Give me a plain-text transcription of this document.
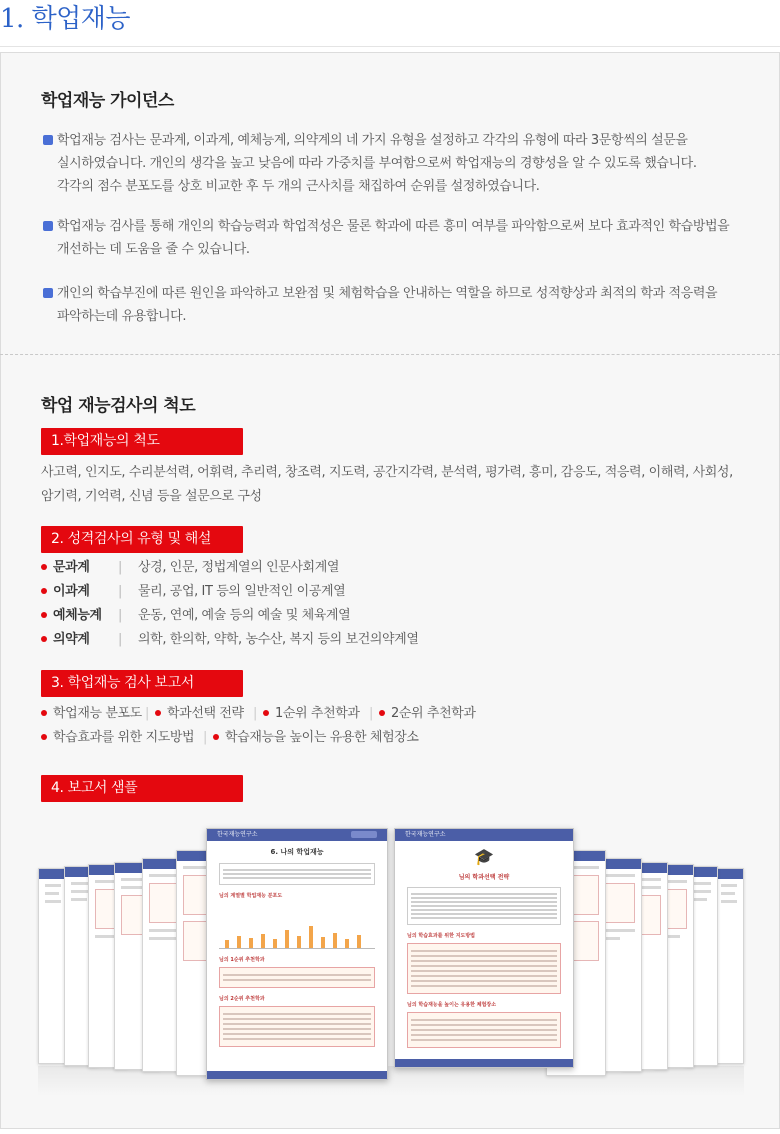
1. 학업재능
학업재능 가이던스
학업재능 검사는 문과계, 이과계, 예체능계, 의약계의 네 가지 유형을 설정하고 각각의 유형에 따라 3문항씩의 설문을
실시하였습니다. 개인의 생각을 높고 낮음에 따라 가중치를 부여함으로써 학업재능의 경향성을 알 수 있도록 했습니다.
각각의 점수 분포도를 상호 비교한 후 두 개의 근사치를 채집하여 순위를 설정하였습니다.
학업재능 검사를 통해 개인의 학습능력과 학업적성은 물론 학과에 따른 흥미 여부를 파악함으로써 보다 효과적인 학습방법을
개선하는 데 도움을 줄 수 있습니다.
개인의 학습부진에 따른 원인을 파악하고 보완점 및 체험학습을 안내하는 역할을 하므로 성적향상과 최적의 학과 적응력을
파악하는데 유용합니다.
학업 재능검사의 척도
1.학업재능의 척도
사고력, 인지도, 수리분석력, 어휘력, 추리력, 창조력, 지도력, 공간지각력, 분석력, 평가력, 흥미, 감응도, 적응력, 이해력, 사회성,
암기력, 기억력, 신념 등을 설문으로 구성
2. 성격검사의 유형 및 해설
문과계 | 상경, 인문, 정법계열의 인문사회계열
이과계 | 물리, 공업, IT 등의 일반적인 이공계열
예체능계 | 운동, 연예, 예술 등의 예술 및 체육계열
의약계 | 의학, 한의학, 약학, 농수산, 복지 등의 보건의약계열
3. 학업재능 검사 보고서
학업재능 분포도 |	학과선택 전략 |	1순위 추천학과 |	2순위 추천학과
학습효과를 위한 지도방법 |	학습재능을 높이는 유용한 체험장소
4. 보고서 샘플
한국재능연구소
6. 나의 학업재능
님의 계열별 학업재능 분포도
님의 1순위 추천학과
님의 2순위 추천학과
한국재능연구소
🎓
님의 학과선택 전략
님의 학습효과를 위한 지도방법
님의 학습재능을 높이는 유용한 체험장소
